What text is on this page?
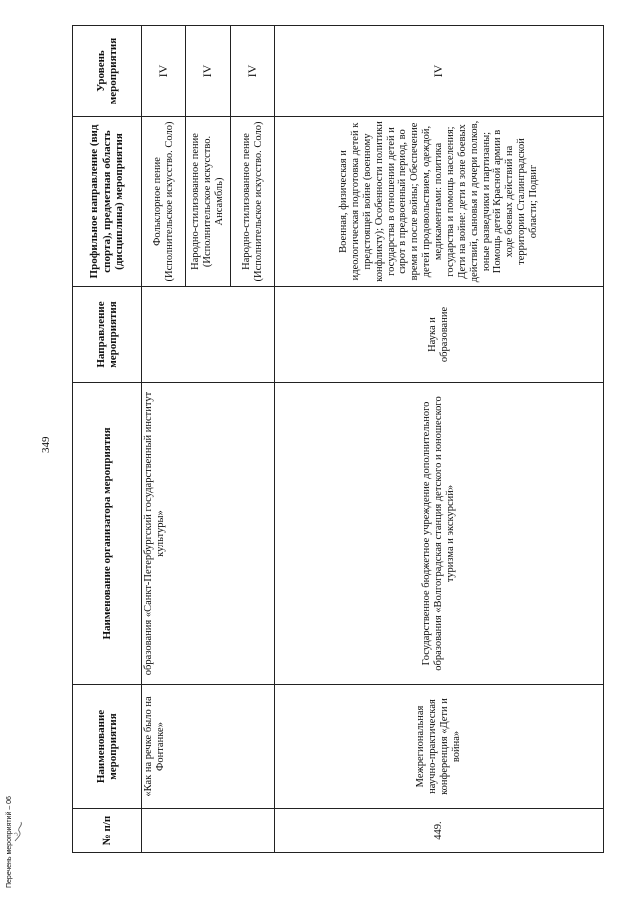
349
№ п/п	Наименование мероприятия	Наименование организатора мероприятия	Направление мероприятия	Профильное направление (вид спорта), предметная область (дисциплина) мероприятия	Уровень мероприятия
	«Как на речке было на Фонтанке»	образования «Санкт-Петербургский государственный институт культуры»		Фольклорное пение (Исполнительское искусство. Соло)	IV
				Народно-стилизованное пение (Исполнительское искусство. Ансамбль)	IV
				Народно-стилизованное пение (Исполнительское искусство. Соло)	IV
449.	Межрегиональная научно-практическая конференция «Дети и война»	Государственное бюджетное учреждение дополнительного образования «Волгоградская станция детского и юношеского туризма и экскурсий»	Наука и образование	Военная, физическая и идеологическая подготовка детей к предстоящей войне (военному конфликту); Особенности политики государства в отношении детей и сирот в предвоенный период, во время и после войны; Обеспечение детей продовольствием, одеждой, медикаментами: политика государства и помощь населения; Дети на войне: дети в зоне боевых действий, сыновья и дочери полков, юные разведчики и партизаны; Помощь детей Красной армии в ходе боевых действий на территории Сталинградской области; Подвиг	IV
Перечень мероприятий – 06
